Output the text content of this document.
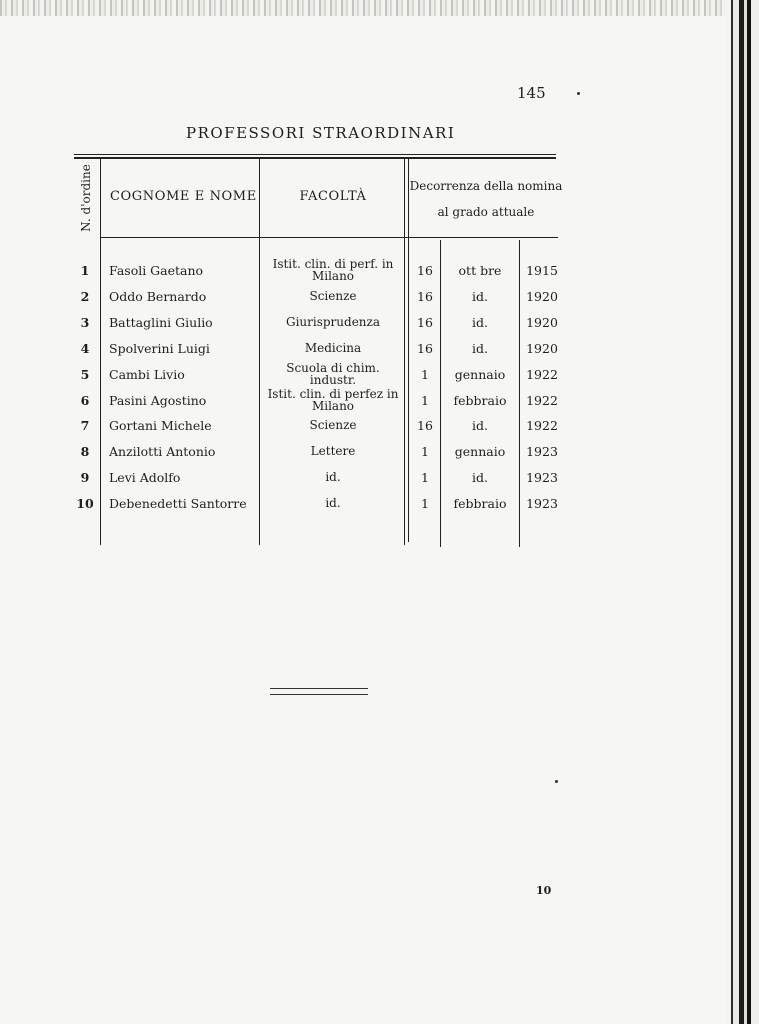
145
PROFESSORI STRAORDINARI
N. d'ordine COGNOME E NOME	FACOLTÀ
Decorrenza della nomina
al grado attuale
1	Fasoli Gaetano	Istit. clin. di perf. in Milano	16	ott bre	1915
2	Oddo Bernardo	Scienze	16	id.	1920
3	Battaglini Giulio	Giurisprudenza	16	id.	1920
4	Spolverini Luigi	Medicina	16	id.	1920
5	Cambi Livio	Scuola di chim. industr.	1	gennaio	1922
6	Pasini Agostino	Istit. clin. di perfez in Milano	1	febbraio	1922
7	Gortani Michele	Scienze	16	id.	1922
8	Anzilotti Antonio	Lettere	1	gennaio	1923
9	Levi Adolfo	id.	1	id.	1923
10	Debenedetti Santorre	id.	1	febbraio	1923
10
